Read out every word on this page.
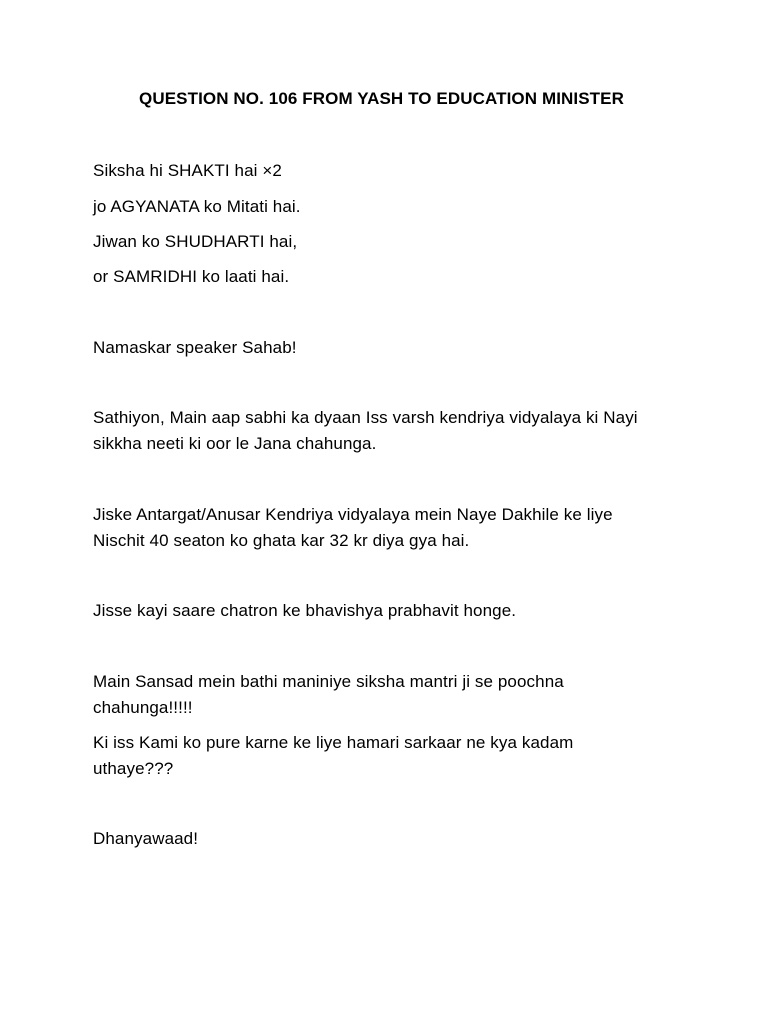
QUESTION NO. 106 FROM YASH TO EDUCATION MINISTER
Siksha hi SHAKTI hai ×2
jo AGYANATA ko Mitati hai.
Jiwan ko SHUDHARTI hai,
or SAMRIDHI ko laati hai.
Namaskar speaker Sahab!
Sathiyon, Main aap sabhi ka dyaan Iss varsh kendriya vidyalaya ki Nayi
sikkha neeti ki oor le Jana chahunga.
Jiske Antargat/Anusar Kendriya vidyalaya mein Naye Dakhile ke liye
Nischit 40 seaton ko ghata kar 32 kr diya gya hai.
Jisse kayi saare chatron ke bhavishya prabhavit honge.
Main Sansad mein bathi maniniye siksha mantri ji se poochna
chahunga!!!!!
Ki iss Kami ko pure karne ke liye hamari sarkaar ne kya kadam
uthaye???
Dhanyawaad!
